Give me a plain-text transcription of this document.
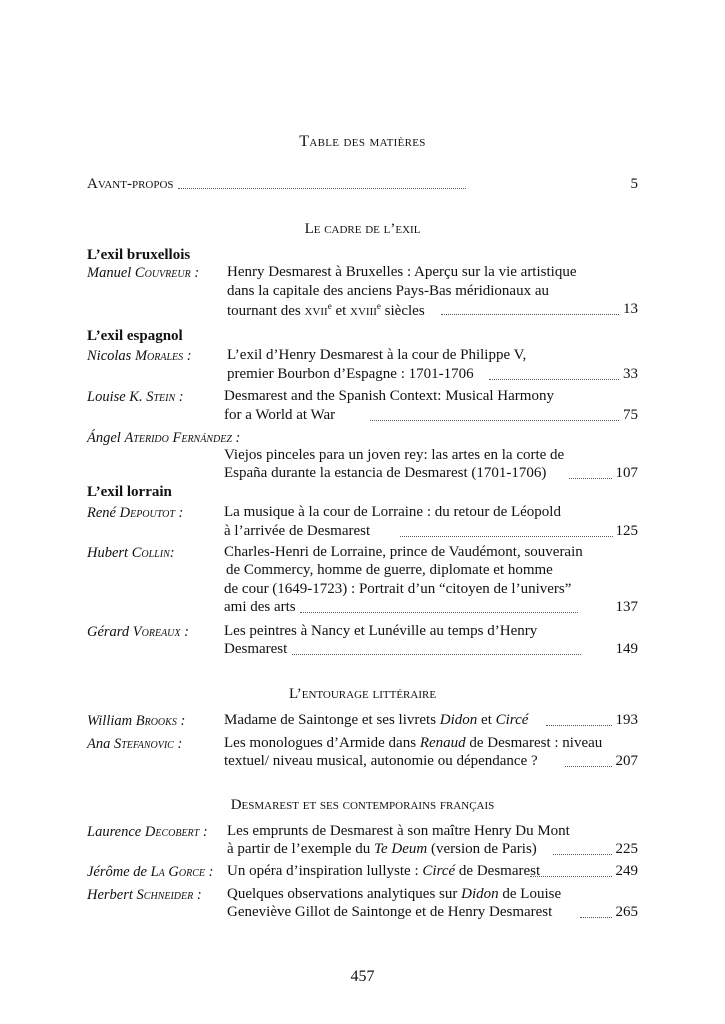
Table des matières
Avant-propos	5
Le cadre de l’exil
L’exil bruxellois
Manuel Couvreur : Henry Desmarest à Bruxelles : Aperçu sur la vie artistique
dans la capitale des anciens Pays-Bas méridionaux au
tournant des xvii$^e$ et xviii$^e$ siècles	13
L’exil espagnol
Nicolas Morales : L’exil d’Henry Desmarest à la cour de Philippe V,
premier Bourbon d’Espagne : 1701-1706	33
Louise K. Stein :	Desmarest and the Spanish Context: Musical Harmony
for a World at War	75
Ángel Aterido Fernández :
Viejos pinceles para un joven rey: las artes en la corte de
España durante la estancia de Desmarest (1701-1706)	107
L’exil lorrain
René Depoutot :	La musique à la cour de Lorraine : du retour de Léopold
à l’arrivée de Desmarest	125
Hubert Collin:	Charles-Henri de Lorraine, prince de Vaudémont, souverain
de Commercy, homme de guerre, diplomate et homme
de cour (1649-1723) : Portrait d’un “citoyen de l’univers”
ami des arts	137
Gérard Voreaux : Les peintres à Nancy et Lunéville au temps d’Henry
Desmarest	149
L’entourage littéraire
William Brooks :	Madame de Saintonge et ses livrets Didon et Circé	193
Ana Stefanovic :	Les monologues d’Armide dans Renaud de Desmarest : niveau
textuel/ niveau musical, autonomie ou dépendance ?	207
Desmarest et ses contemporains français
Laurence Decobert : Les emprunts de Desmarest à son maître Henry Du Mont
à partir de l’exemple du Te Deum (version de Paris)	225
Jérôme de La Gorce : Un opéra d’inspiration lullyste : Circé de Desmarest	249
Herbert Schneider : Quelques observations analytiques sur Didon de Louise
Geneviève Gillot de Saintonge et de Henry Desmarest	265
457
